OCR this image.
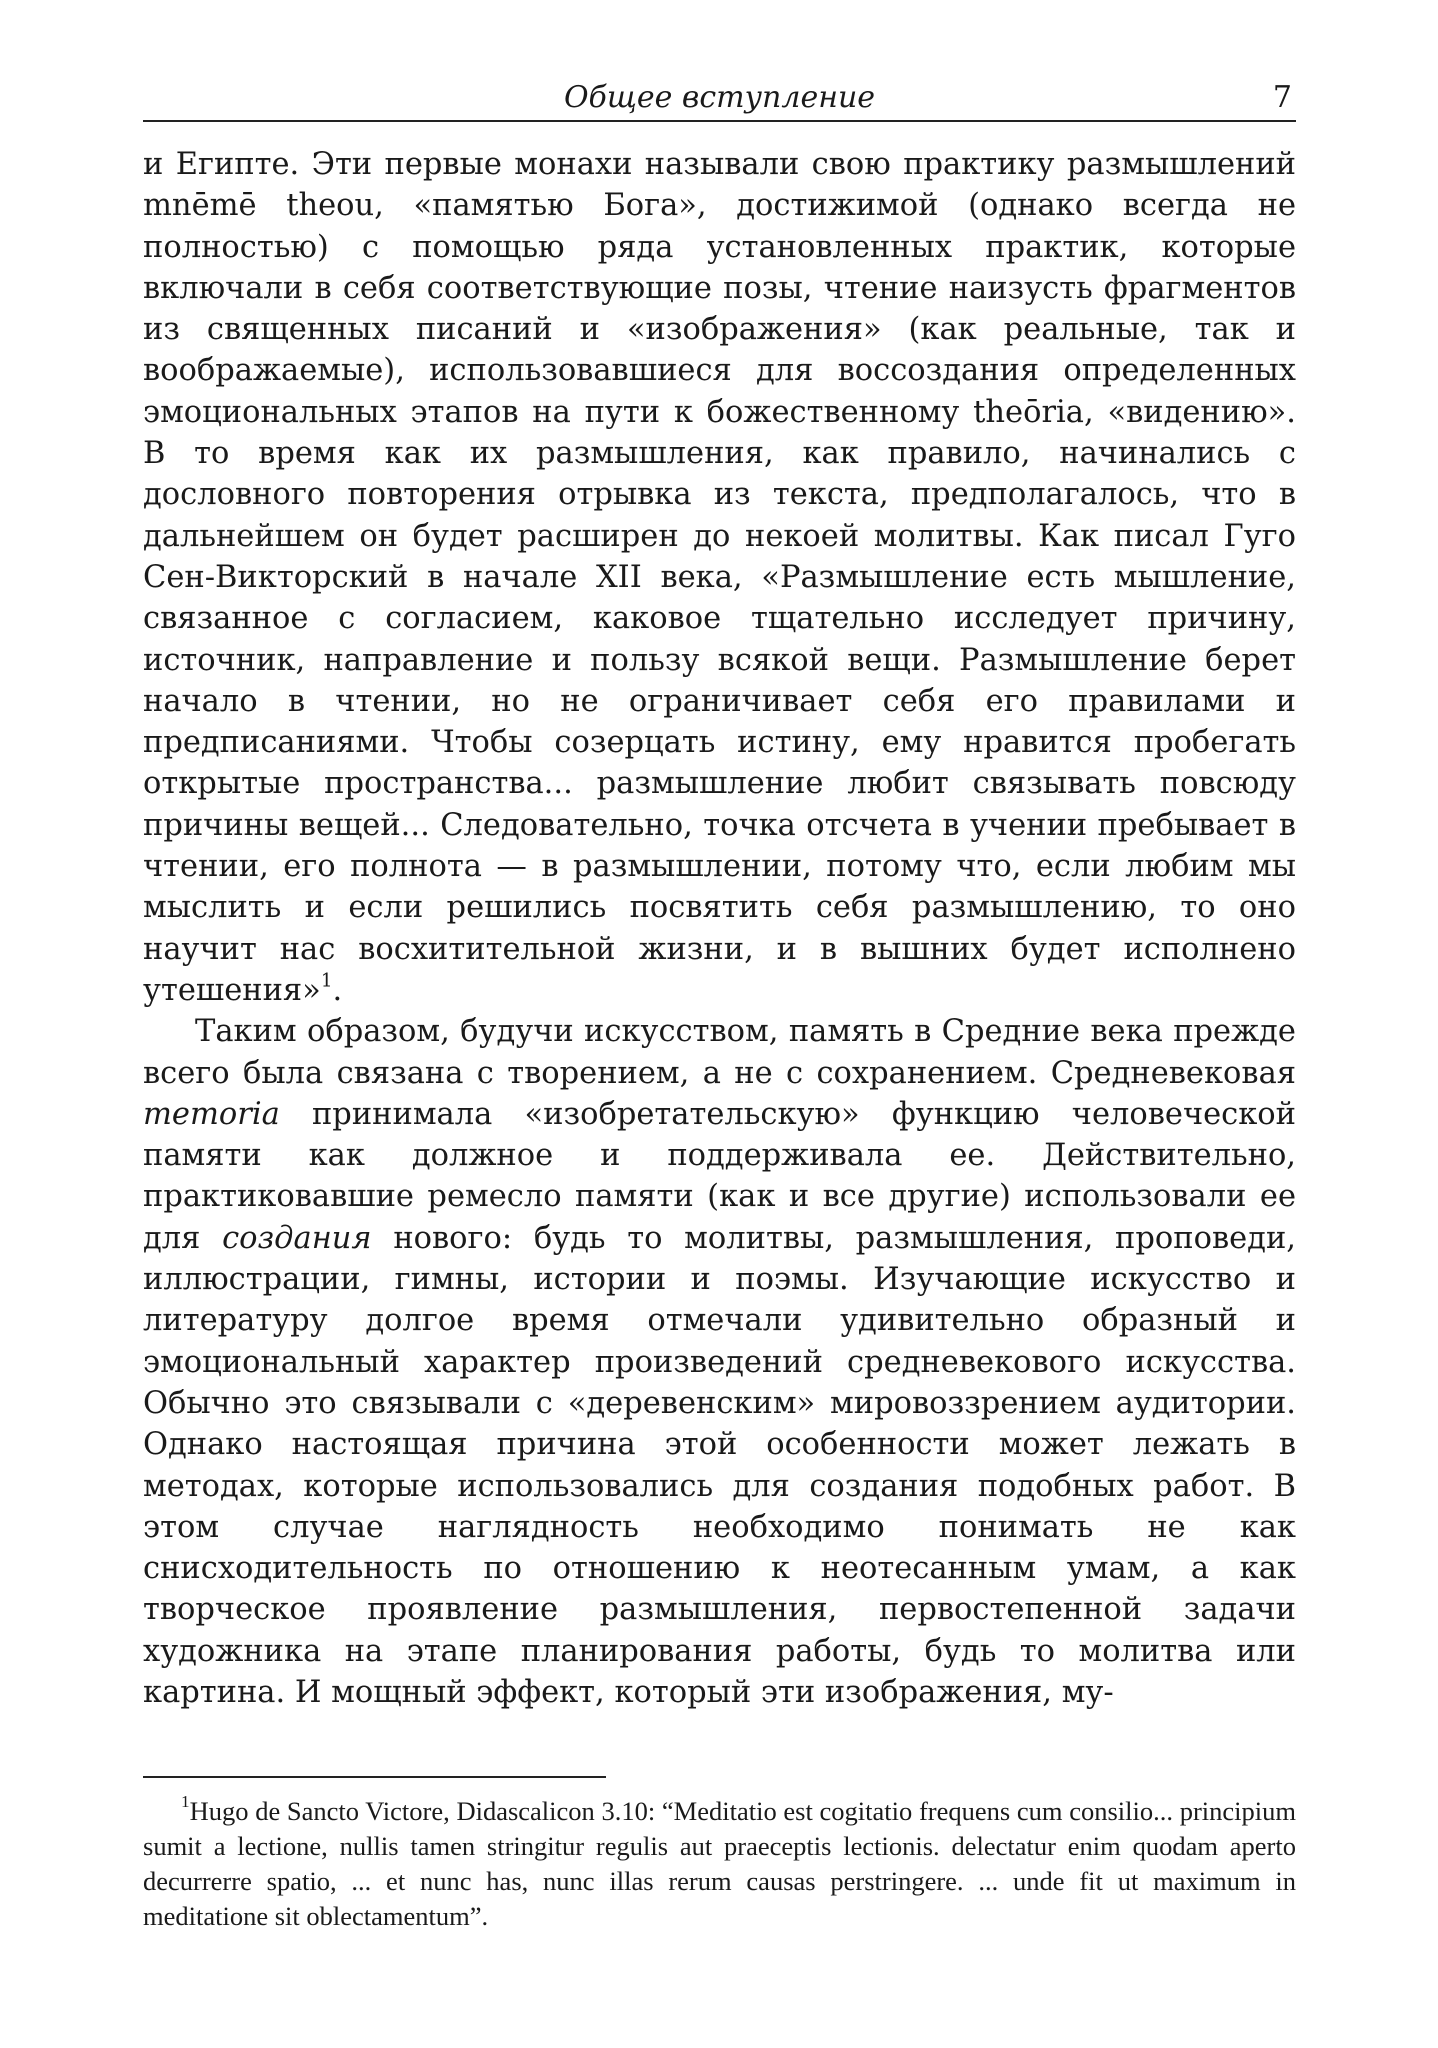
Общее вступление	7

и Египте. Эти первые монахи называли свою практику размышлений mnēmē theou, «памятью Бога», достижимой (однако всегда не полностью) с помощью ряда установленных практик, которые включали в себя соответствующие позы, чтение наизусть фрагментов из священных писаний и «изображения» (как реальные, так и воображаемые), использовавшиеся для воссоздания определенных эмоциональных этапов на пути к божественному theōria, «видению». В то время как их размышления, как правило, начинались с дословного повторения отрывка из текста, предполагалось, что в дальнейшем он будет расширен до некоей молитвы. Как писал Гуго Сен-Викторский в начале XII века, «Размышление есть мышление, связанное с согласием, каковое тщательно исследует причину, источник, направление и пользу всякой вещи. Размышление берет начало в чтении, но не ограничивает себя его правилами и предписаниями. Чтобы созерцать истину, ему нравится пробегать открытые пространства... размышление любит связывать повсюду причины вещей... Следовательно, точка отсчета в учении пребывает в чтении, его полнота — в размышлении, потому что, если любим мы мыслить и если решились посвятить себя размышлению, то оно научит нас восхитительной жизни, и в вышних будет исполнено утешения»$^1$.

Таким образом, будучи искусством, память в Средние века прежде всего была связана с творением, а не с сохранением. Средневековая memoria принимала «изобретательскую» функцию человеческой памяти как должное и поддерживала ее. Действительно, практиковавшие ремесло памяти (как и все другие) использовали ее для создания нового: будь то молитвы, размышления, проповеди, иллюстрации, гимны, истории и поэмы. Изучающие искусство и литературу долгое время отмечали удивительно образный и эмоциональный характер произведений средневекового искусства. Обычно это связывали с «деревенским» мировоззрением аудитории. Однако настоящая причина этой особенности может лежать в методах, которые использовались для создания подобных работ. В этом случае наглядность необходимо понимать не как снисходительность по отношению к неотесанным умам, а как творческое проявление размышления, первостепенной задачи художника на этапе планирования работы, будь то молитва или картина. И мощный эффект, который эти изображения, му-

$^1$Hugo de Sancto Victore, Didascalicon 3.10: “Meditatio est cogitatio frequens cum consilio... principium sumit a lectione, nullis tamen stringitur regulis aut praeceptis lectionis. delectatur enim quodam aperto decurrerre spatio, ... et nunc has, nunc illas rerum causas perstringere. ... unde fit ut maximum in meditatione sit oblectamentum”.
